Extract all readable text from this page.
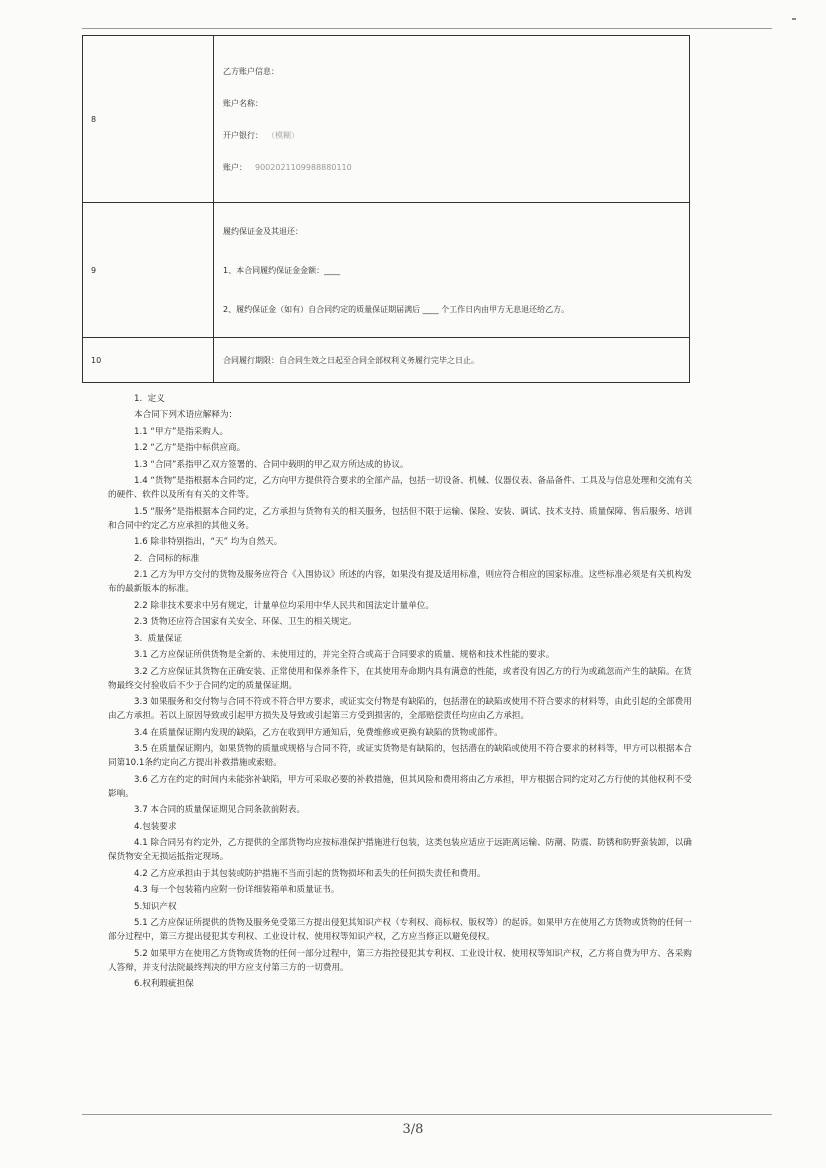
8	乙方账户信息：

账户名称：

开户银行： （模糊）

账户： 9002021109988880110

9	履约保证金及其退还：

1、本合同履约保证金金额：____

2、履约保证金（如有）自合同约定的质量保证期届满后 ____ 个工作日内由甲方无息退还给乙方。

10	合同履行期限：自合同生效之日起至合同全部权利义务履行完毕之日止。

1.  定义

本合同下列术语应解释为：

1.1 “甲方”是指采购人。

1.2 “乙方”是指中标供应商。

1.3 “合同”系指甲乙双方签署的、合同中载明的甲乙双方所达成的协议。

1.4 “货物”是指根据本合同约定，乙方向甲方提供符合要求的全部产品，包括一切设备、机械、仪器仪表、备品备件、工具及与信息处理和交流有关的硬件、软件以及所有有关的文件等。

1.5 “服务”是指根据本合同约定，乙方承担与货物有关的相关服务，包括但不限于运输、保险、安装、调试、技术支持、质量保障、售后服务、培训和合同中约定乙方应承担的其他义务。

1.6 除非特别指出，“天” 均为自然天。

2.  合同标的标准

2.1 乙方为甲方交付的货物及服务应符合《入围协议》所述的内容，如果没有提及适用标准，则应符合相应的国家标准。这些标准必须是有关机构发布的最新版本的标准。

2.2 除非技术要求中另有规定，计量单位均采用中华人民共和国法定计量单位。

2.3 货物还应符合国家有关安全、环保、卫生的相关规定。

3.  质量保证

3.1 乙方应保证所供货物是全新的、未使用过的，并完全符合或高于合同要求的质量、规格和技术性能的要求。

3.2 乙方应保证其货物在正确安装、正常使用和保养条件下，在其使用寿命期内具有满意的性能，或者没有因乙方的行为或疏忽而产生的缺陷。在货物最终交付验收后不少于合同约定的质量保证期。

3.3 如果服务和交付物与合同不符或不符合甲方要求，或证实交付物是有缺陷的，包括潜在的缺陷或使用不符合要求的材料等，由此引起的全部费用由乙方承担。若以上原因导致或引起甲方损失及导致或引起第三方受到损害的，全部赔偿责任均应由乙方承担。

3.4 在质量保证期内发现的缺陷，乙方在收到甲方通知后，免费维修或更换有缺陷的货物或部件。

3.5 在质量保证期内，如果货物的质量或规格与合同不符，或证实货物是有缺陷的，包括潜在的缺陷或使用不符合要求的材料等，甲方可以根据本合同第10.1条约定向乙方提出补救措施或索赔。

3.6 乙方在约定的时间内未能弥补缺陷，甲方可采取必要的补救措施，但其风险和费用将由乙方承担，甲方根据合同约定对乙方行使的其他权利不受影响。

3.7 本合同的质量保证期见合同条款前附表。

4.包装要求

4.1 除合同另有约定外，乙方提供的全部货物均应按标准保护措施进行包装，这类包装应适应于远距离运输、防潮、防震、防锈和防野蛮装卸，以确保货物安全无损运抵指定现场。

4.2 乙方应承担由于其包装或防护措施不当而引起的货物损坏和丢失的任何损失责任和费用。

4.3 每一个包装箱内应附一份详细装箱单和质量证书。

5.知识产权

5.1 乙方应保证所提供的货物及服务免受第三方提出侵犯其知识产权（专利权、商标权、版权等）的起诉。如果甲方在使用乙方货物或货物的任何一部分过程中，第三方提出侵犯其专利权、工业设计权、使用权等知识产权，乙方应当修正以避免侵权。

5.2 如果甲方在使用乙方货物或货物的任何一部分过程中，第三方指控侵犯其专利权、工业设计权、使用权等知识产权，乙方将自费为甲方、各采购人答辩，并支付法院最终判决的甲方应支付第三方的一切费用。

6.权利瑕疵担保

3/8
